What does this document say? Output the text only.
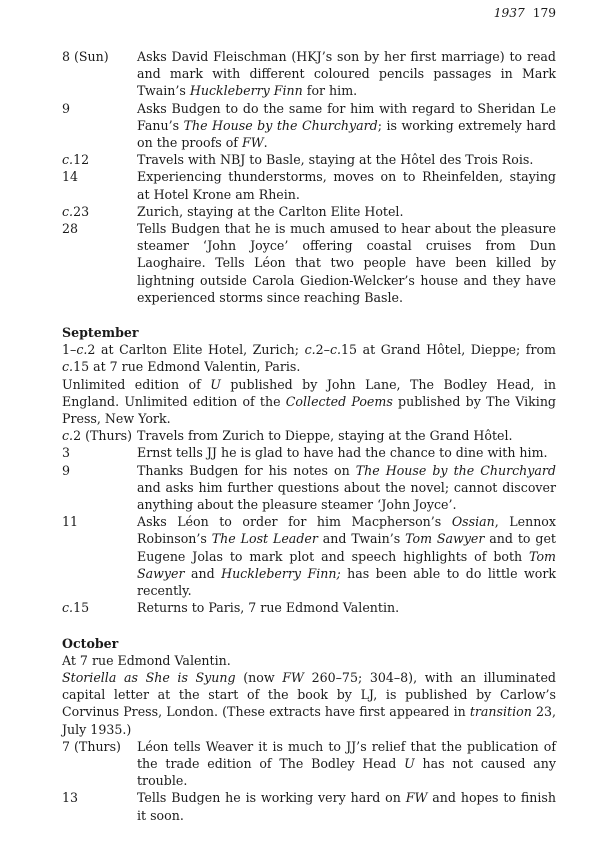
1937 179
8 (Sun)	Asks David Fleischman (HKJ’s son by her first marriage) to read and mark with different coloured pencils passages in Mark Twain’s Huckleberry Finn for him.
9	Asks Budgen to do the same for him with regard to Sheridan Le Fanu’s The House by the Churchyard; is working extremely hard on the proofs of FW.
c.12	Travels with NBJ to Basle, staying at the Hôtel des Trois Rois.
14	Experiencing thunderstorms, moves on to Rheinfelden, staying at Hotel Krone am Rhein.
c.23	Zurich, staying at the Carlton Elite Hotel.
28	Tells Budgen that he is much amused to hear about the pleasure steamer ‘John Joyce’ offering coastal cruises from Dun Laoghaire. Tells Léon that two people have been killed by lightning outside Carola Giedion-Welcker’s house and they have experienced storms since reaching Basle.
September
1–c.2 at Carlton Elite Hotel, Zurich; c.2–c.15 at Grand Hôtel, Dieppe; from c.15 at 7 rue Edmond Valentin, Paris.
Unlimited edition of U published by John Lane, The Bodley Head, in England. Unlimited edition of the Collected Poems published by The Viking Press, New York.
c.2 (Thurs) Travels from Zurich to Dieppe, staying at the Grand Hôtel.
3	Ernst tells JJ he is glad to have had the chance to dine with him.
9	Thanks Budgen for his notes on The House by the Churchyard and asks him further questions about the novel; cannot discover anything about the pleasure steamer ‘John Joyce’.
11	Asks Léon to order for him Macpherson’s Ossian, Lennox Robinson’s The Lost Leader and Twain’s Tom Sawyer and to get Eugene Jolas to mark plot and speech highlights of both Tom Sawyer and Huckleberry Finn; has been able to do little work recently.
c.15	Returns to Paris, 7 rue Edmond Valentin.
October
At 7 rue Edmond Valentin.
Storiella as She is Syung (now FW 260–75; 304–8), with an illuminated capital letter at the start of the book by LJ, is published by Carlow’s Corvinus Press, London. (These extracts have first appeared in transition 23, July 1935.)
7 (Thurs)	Léon tells Weaver it is much to JJ’s relief that the publication of the trade edition of The Bodley Head U has not caused any trouble.
13	Tells Budgen he is working very hard on FW and hopes to finish it soon.
